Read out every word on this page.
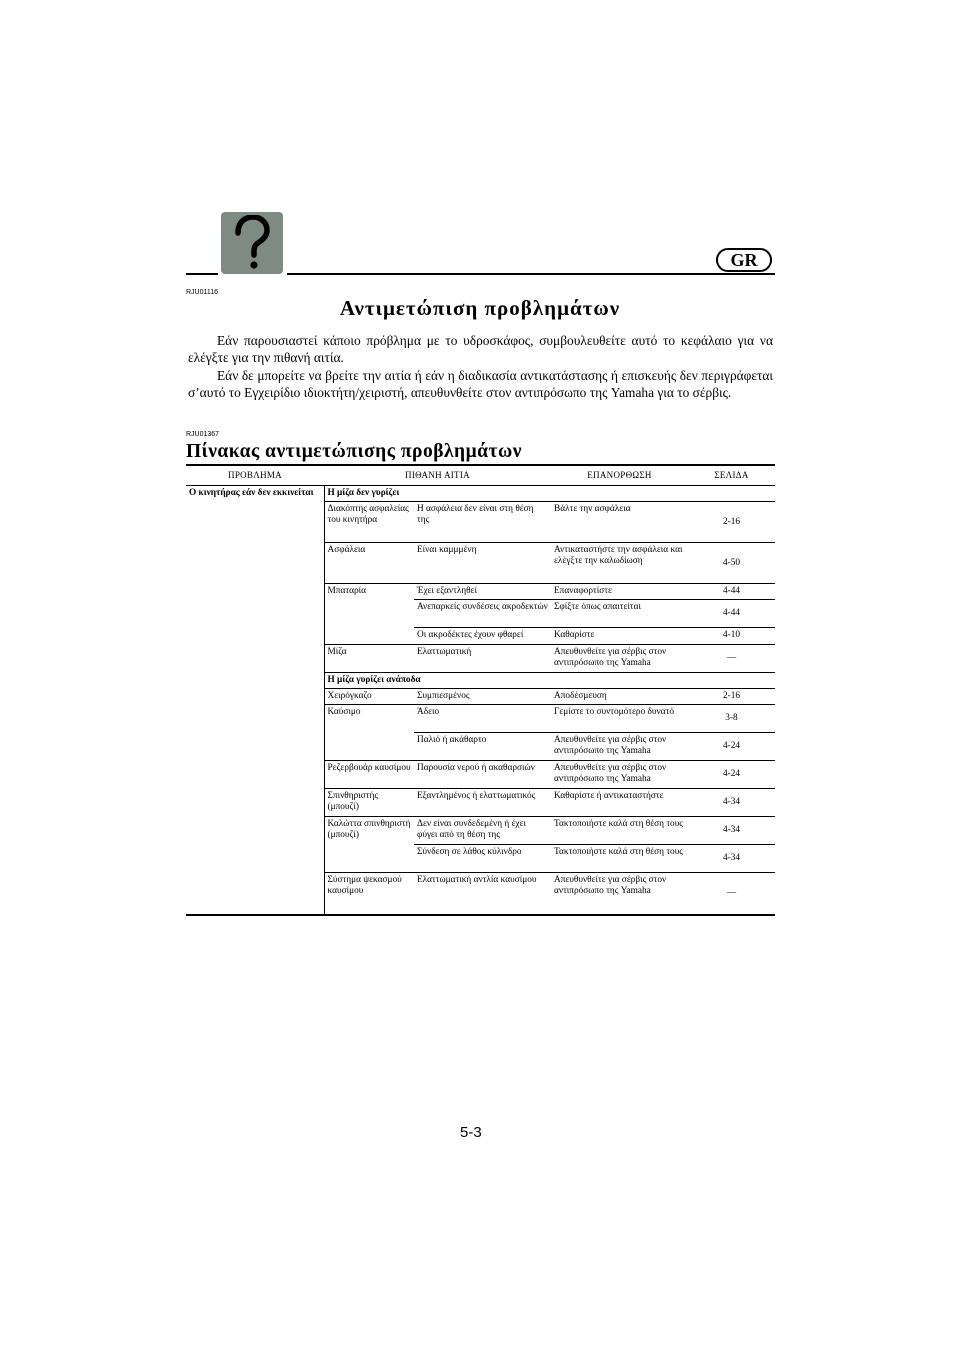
GR
RJU01116
Αντιμετώπιση προβλημάτων

Εάν παρουσιαστεί κάποιο πρόβλημα με το υδροσκάφος, συμβουλευθείτε αυτό το κεφάλαιο για να ελέγξτε για την πιθανή αιτία.

Εάν δε μπορείτε να βρείτε την αιτία ή εάν η διαδικασία αντικατάστασης ή επισκευής δεν περιγράφεται σ’αυτό το Εγχειρίδιο ιδιοκτήτη/χειριστή, απευθυνθείτε στον αντιπρόσωπο της Yamaha για το σέρβις.

RJU01367
Πίνακας αντιμετώπισης προβλημάτων
ΠΡΟΒΛΗΜΑ	ΠΙΘΑΝΗ ΑΙΤΙΑ		ΕΠΑΝΟΡΘΩΣΗ	ΣΕΛΙΔΑ
Ο κινητήρας εάν δεν εκκινείται	Η μίζα δεν γυρίζει			
	Διακόπτης ασφαλείας του κινητήρα	Η ασφάλεια δεν είναι στη θέση της	Βάλτε την ασφάλεια	2-16
	Ασφάλεια	Είναι καμμμένη	Αντικαταστήστε την ασφάλεια και ελέγξτε την καλωδίωση	4-50
	Μπαταρία	Έχει εξαντληθεί	Επαναφορτίστε	4-44
		Ανεπαρκείς συνδέσεις ακροδεκτών	Σφίξτε όπως απαιτείται	4-44
		Οι ακροδέκτες έχουν φθαρεί	Καθαρίστε	4-10
	Μίζα	Ελαττωματική	Απευθυνθείτε για σέρβις στον αντιπρόσωπο της Yamaha	—
	Η μίζα γυρίζει ανάποδα			
	Χειρόγκαζο	Συμπιεσμένος	Αποδέσμευση	2-16
	Καύσιμο	Άδειο	Γεμίστε το συντομότερο δυνατό	3-8
		Παλιό ή ακάθαρτο	Απευθυνθείτε για σέρβις στον αντιπρόσωπο της Yamaha	4-24
	Ρεζερβουάρ καυσίμου	Παρουσία νερού ή ακαθαρσιών	Απευθυνθείτε για σέρβις στον αντιπρόσωπο της Yamaha	4-24
	Σπινθηριστής (μπουζί)	Εξαντλημένος ή ελαττωματικός	Καθαρίστε ή αντικαταστήστε	4-34
	Καλώττα σπινθηριστή (μπουζί)	Δεν είναι συνδεδεμένη ή έχει φύγει από τη θέση της	Τακτοποιήστε καλά στη θέση τους	4-34
		Σύνδεση σε λάθος κύλινδρο	Τακτοποιήστε καλά στη θέση τους	4-34
	Σύστημα ψεκασμού καυσίμου	Ελαττωματική αντλία καυσίμου	Απευθυνθείτε για σέρβις στον αντιπρόσωπο της Yamaha	—
5-3
